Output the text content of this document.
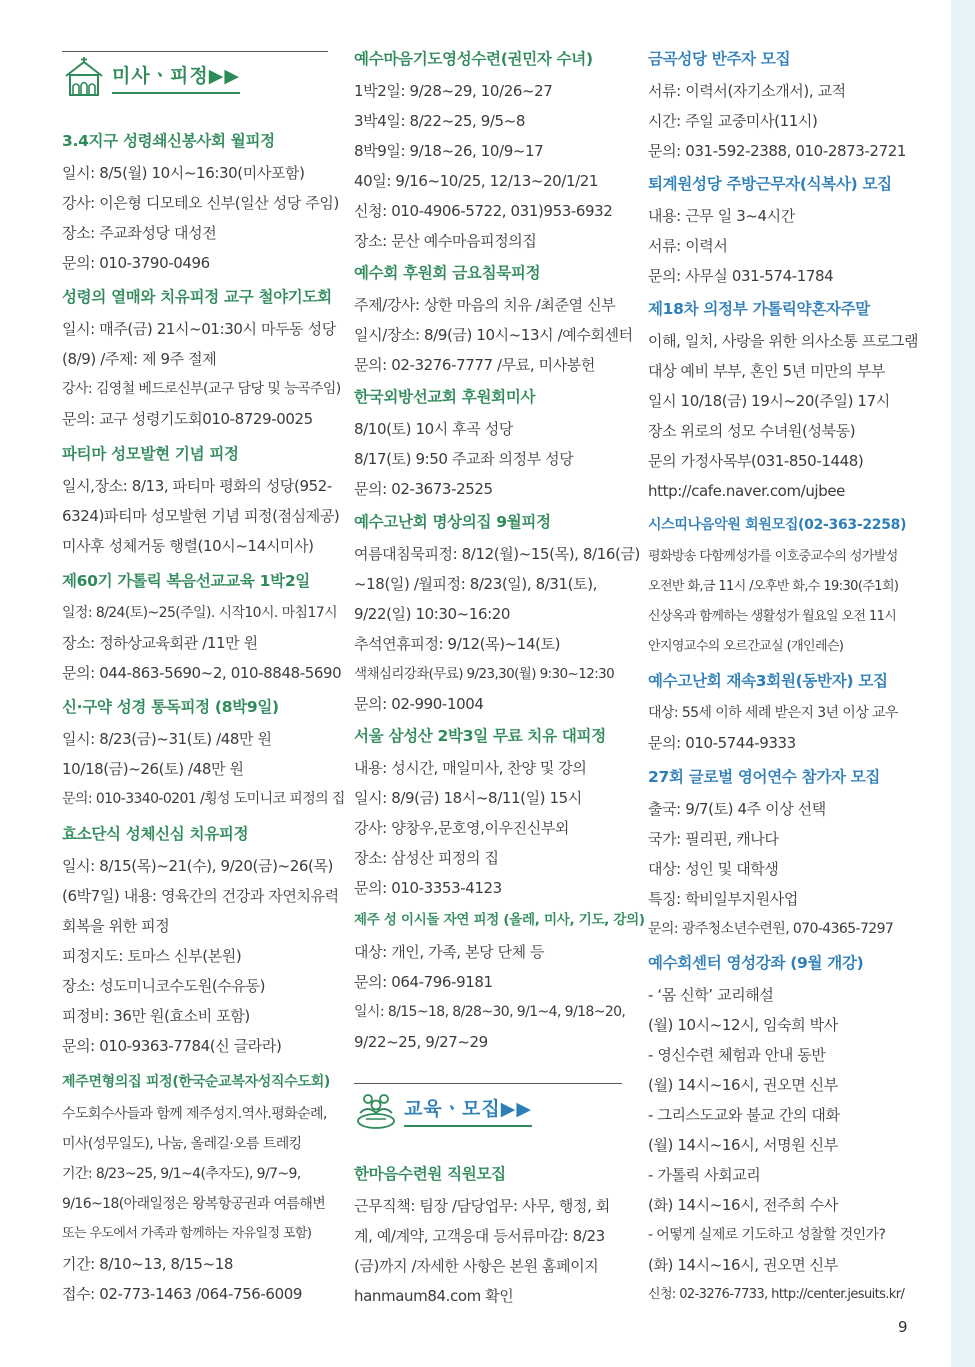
미사ㆍ피정▶▶
3.4지구 성령쇄신봉사회 월피정
일시: 8/5(월) 10시~16:30(미사포함)
강사: 이은형 디모테오 신부(일산 성당 주임)
장소: 주교좌성당 대성전
문의: 010-3790-0496
성령의 열매와 치유피정 교구 철야기도회
일시: 매주(금) 21시~01:30시 마두동 성당
(8/9) /주제: 제 9주 절제
강사: 김영철 베드로신부(교구 담당 및 능곡주임)
문의: 교구 성령기도회010-8729-0025
파티마 성모발현 기념 피정
일시,장소: 8/13, 파티마 평화의 성당(952-
6324)파티마 성모발현 기념 피정(점심제공)
미사후 성체거동 행렬(10시~14시미사)
제60기 가톨릭 복음선교교육 1박2일
일정: 8/24(토)~25(주일). 시작10시. 마침17시
장소: 정하상교육회관 /11만 원
문의: 044-863-5690~2, 010-8848-5690
신·구약 성경 통독피정 (8박9일)
일시: 8/23(금)~31(토) /48만 원
10/18(금)~26(토) /48만 원
문의: 010-3340-0201 /횡성 도미니코 피정의 집
효소단식 성체신심 치유피정
일시: 8/15(목)~21(수), 9/20(금)~26(목)
(6박7일) 내용: 영육간의 건강과 자연치유력
회복을 위한 피정
피정지도: 토마스 신부(본원)
장소: 성도미니코수도원(수유동)
피정비: 36만 원(효소비 포함)
문의: 010-9363-7784(신 글라라)
제주면형의집 피정(한국순교복자성직수도회)
수도회수사들과 함께 제주성지.역사.평화순례,
미사(성무일도), 나눔, 올레길·오름 트레킹
기간: 8/23~25, 9/1~4(추자도), 9/7~9,
9/16~18(아래일정은 왕복항공권과 여름해변
또는 우도에서 가족과 함께하는 자유일정 포함)
기간: 8/10~13, 8/15~18
접수: 02-773-1463 /064-756-6009
예수마음기도영성수련(권민자 수녀)
1박2일: 9/28~29, 10/26~27
3박4일: 8/22~25, 9/5~8
8박9일: 9/18~26, 10/9~17
40일: 9/16~10/25, 12/13~20/1/21
신청: 010-4906-5722, 031)953-6932
장소: 문산 예수마음피정의집
예수회 후원회 금요침묵피정
주제/강사: 상한 마음의 치유 /최준열 신부
일시/장소: 8/9(금) 10시~13시 /예수회센터
문의: 02-3276-7777 /무료, 미사봉헌
한국외방선교회 후원회미사
8/10(토) 10시 후곡 성당
8/17(토) 9:50 주교좌 의정부 성당
문의: 02-3673-2525
예수고난회 명상의집 9월피정
여름대침묵피정: 8/12(월)~15(목), 8/16(금)
~18(일) /월피정: 8/23(일), 8/31(토),
9/22(일) 10:30~16:20
추석연휴피정: 9/12(목)~14(토)
색채심리강좌(무료) 9/23,30(월) 9:30~12:30
문의: 02-990-1004
서울 삼성산 2박3일 무료 치유 대피정
내용: 성시간, 매일미사, 찬양 및 강의
일시: 8/9(금) 18시~8/11(일) 15시
강사: 양창우,문호영,이우진신부외
장소: 삼성산 피정의 집
문의: 010-3353-4123
제주 성 이시돌 자연 피정 (올레, 미사, 기도, 강의)
대상: 개인, 가족, 본당 단체 등
문의: 064-796-9181
일시: 8/15~18, 8/28~30, 9/1~4, 9/18~20,
9/22~25, 9/27~29
교육ㆍ모집▶▶
한마음수련원 직원모집
근무직책: 팀장 /담당업무: 사무, 행정, 회
계, 예/계약, 고객응대 등서류마감: 8/23
(금)까지 /자세한 사항은 본원 홈페이지
hanmaum84.com 확인
금곡성당 반주자 모집
서류: 이력서(자기소개서), 교적
시간: 주일 교중미사(11시)
문의: 031-592-2388, 010-2873-2721
퇴계원성당 주방근무자(식복사) 모집
내용: 근무 일 3~4시간
서류: 이력서
문의: 사무실 031-574-1784
제18차 의정부 가톨릭약혼자주말
이해, 일치, 사랑을 위한 의사소통 프로그램
대상 예비 부부, 혼인 5년 미만의 부부
일시 10/18(금) 19시~20(주일) 17시
장소 위로의 성모 수녀원(성북동)
문의 가정사목부(031-850-1448)
http://cafe.naver.com/ujbee
시스띠나음악원 회원모집(02-363-2258)
평화방송 다함께성가를 이호중교수의 성가발성
오전반 화,금 11시 /오후반 화,수 19:30(주1회)
신상옥과 함께하는 생활성가 월요일 오전 11시
안지영교수의 오르간교실 (개인레슨)
예수고난회 재속3회원(동반자) 모집
대상: 55세 이하 세례 받은지 3년 이상 교우
문의: 010-5744-9333
27회 글로벌 영어연수 참가자 모집
출국: 9/7(토) 4주 이상 선택
국가: 필리핀, 캐나다
대상: 성인 및 대학생
특징: 학비일부지원사업
문의: 광주청소년수련원, 070-4365-7297
예수회센터 영성강좌 (9월 개강)
- ‘몸 신학’ 교리해설
(월) 10시~12시, 임숙희 박사
- 영신수련 체험과 안내 동반
(월) 14시~16시, 권오면 신부
- 그리스도교와 불교 간의 대화
(월) 14시~16시, 서명원 신부
- 가톨릭 사회교리
(화) 14시~16시, 전주희 수사
- 어떻게 실제로 기도하고 성찰할 것인가?
(화) 14시~16시, 권오면 신부
신청: 02-3276-7733, http://center.jesuits.kr/
9
